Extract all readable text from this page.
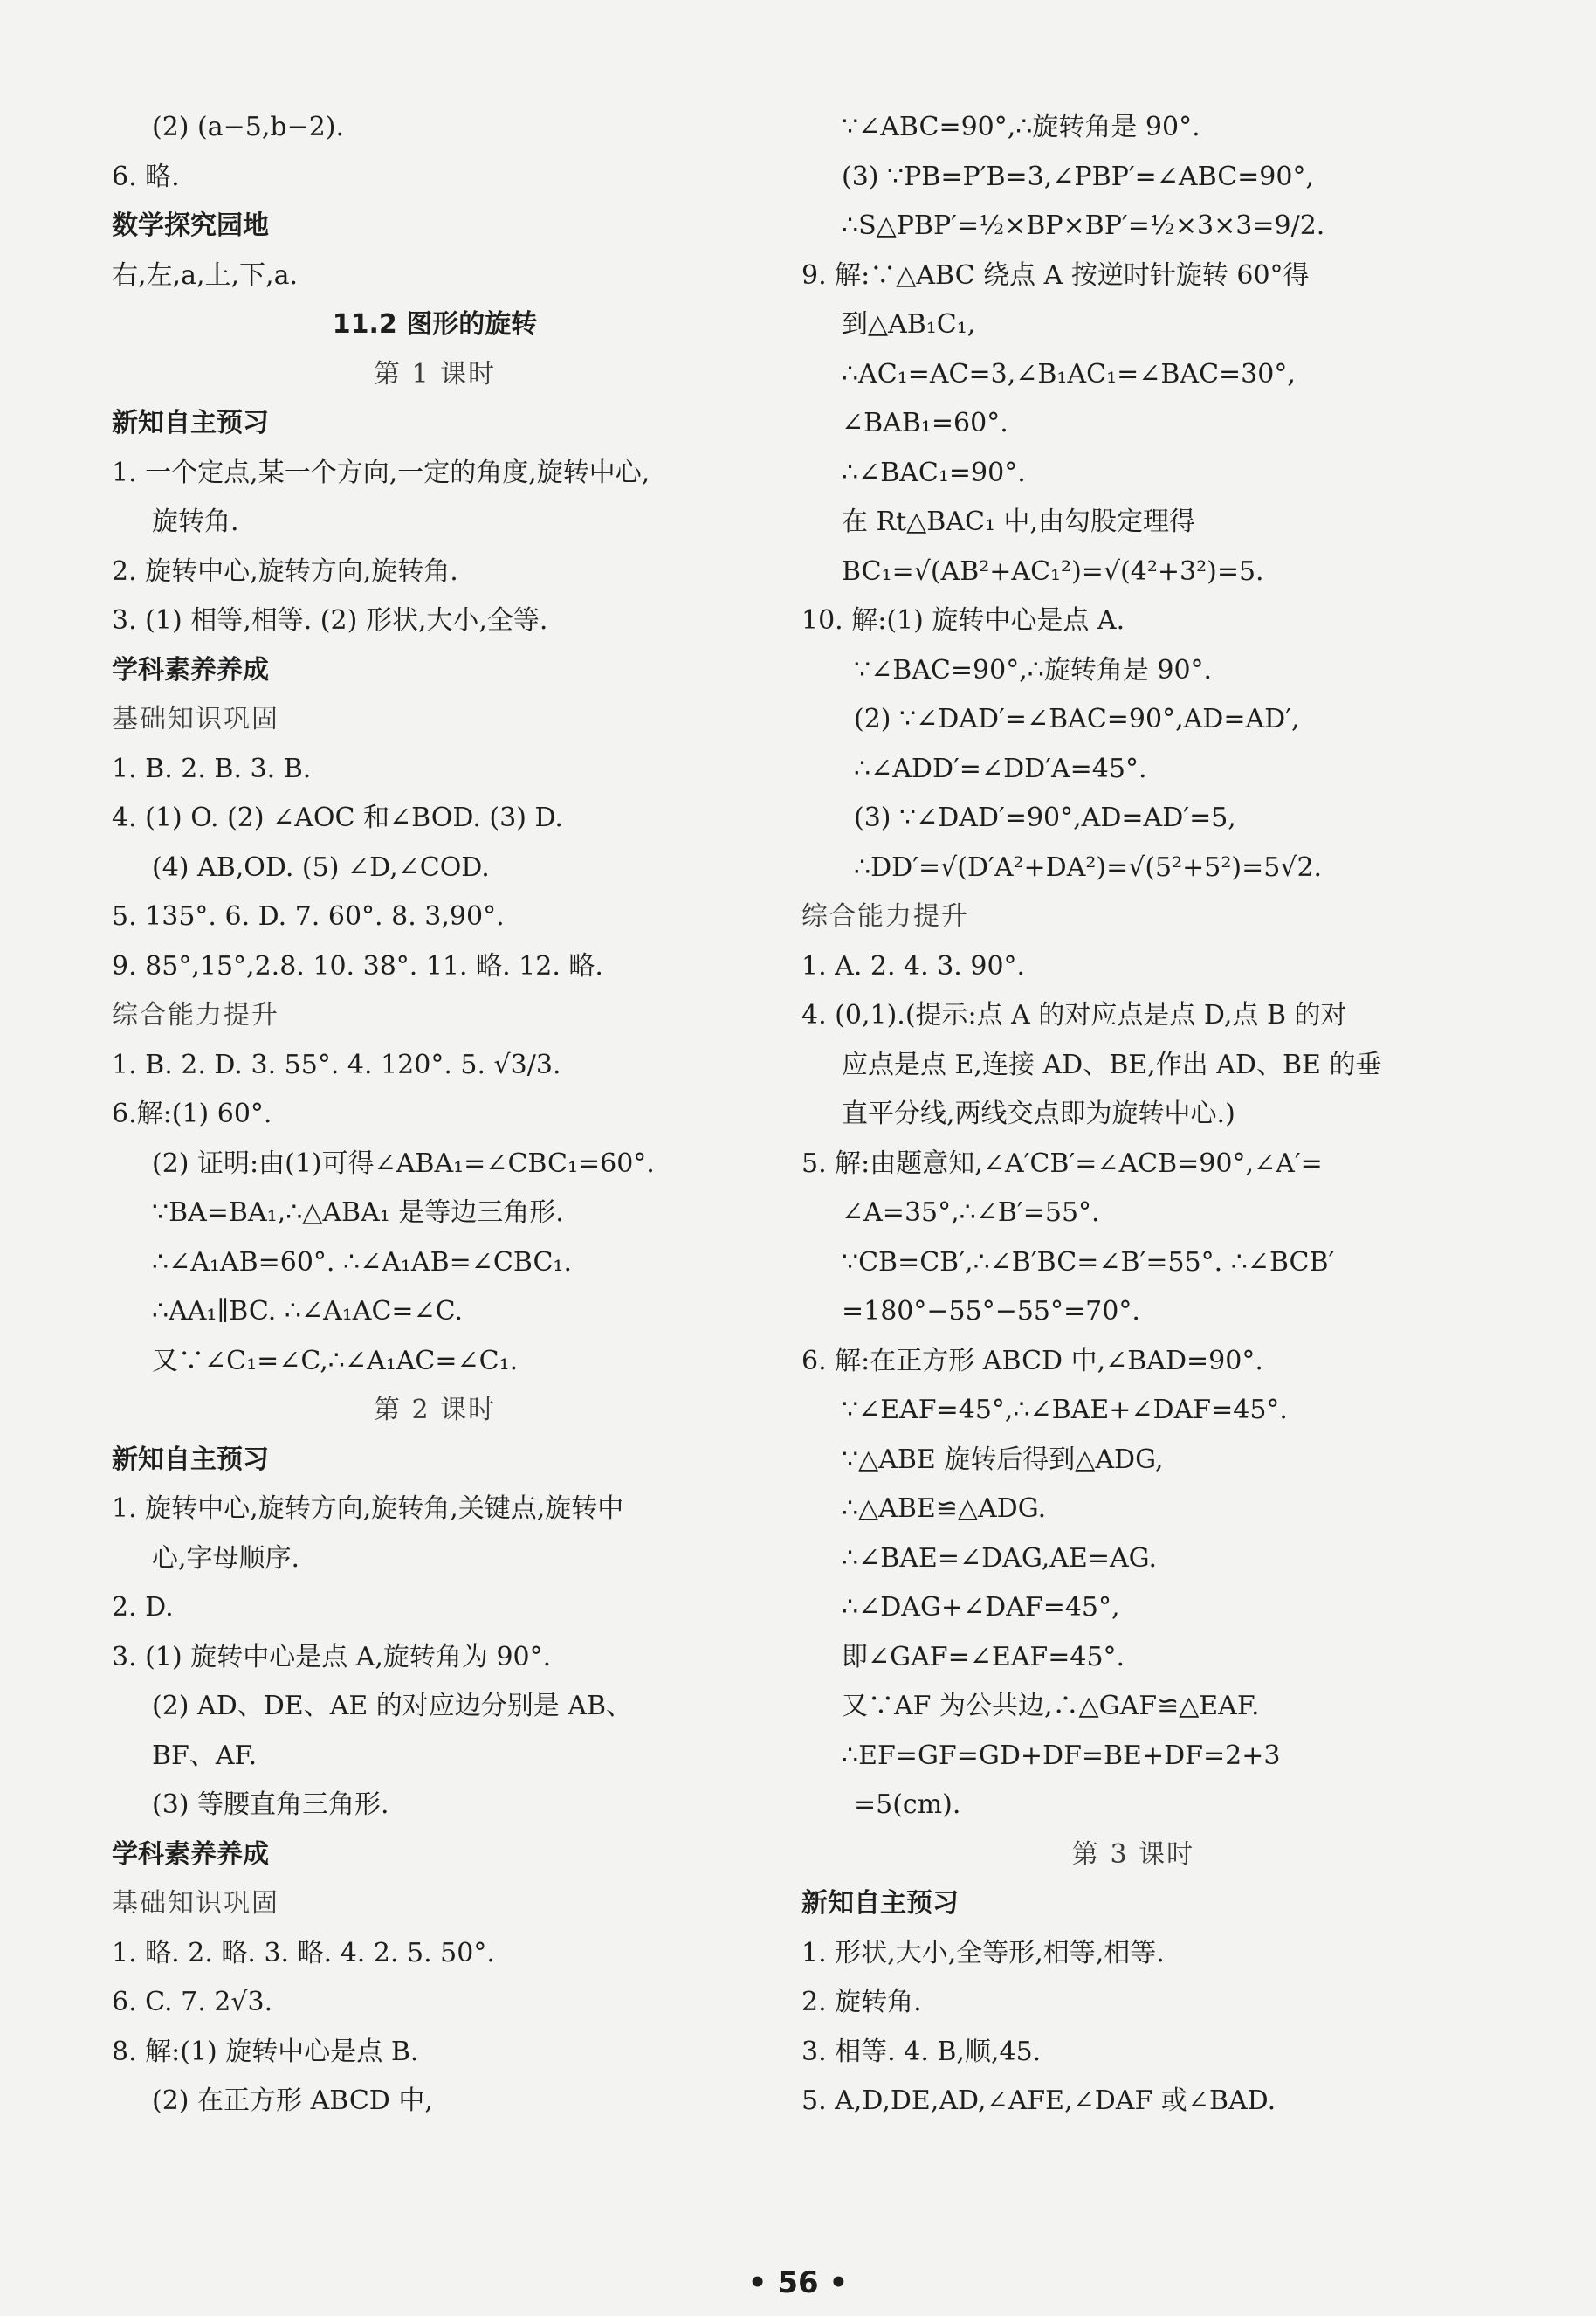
(2) (a−5,b−2).
6. 略.
数学探究园地
右,左,a,上,下,a.
11.2 图形的旋转
第 1 课时
新知自主预习
1. 一个定点,某一个方向,一定的角度,旋转中心,
旋转角.
2. 旋转中心,旋转方向,旋转角.
3. (1) 相等,相等. (2) 形状,大小,全等.
学科素养养成
基础知识巩固
1. B. 2. B. 3. B.
4. (1) O. (2) ∠AOC 和∠BOD. (3) D.
(4) AB,OD. (5) ∠D,∠COD.
5. 135°. 6. D. 7. 60°. 8. 3,90°.
9. 85°,15°,2.8. 10. 38°. 11. 略. 12. 略.
综合能力提升
1. B. 2. D. 3. 55°. 4. 120°. 5. √3/3.
6.解:(1) 60°.
(2) 证明:由(1)可得∠ABA₁=∠CBC₁=60°.
∵BA=BA₁,∴△ABA₁ 是等边三角形.
∴∠A₁AB=60°. ∴∠A₁AB=∠CBC₁.
∴AA₁∥BC. ∴∠A₁AC=∠C.
又∵∠C₁=∠C,∴∠A₁AC=∠C₁.
第 2 课时
新知自主预习
1. 旋转中心,旋转方向,旋转角,关键点,旋转中
心,字母顺序.
2. D.
3. (1) 旋转中心是点 A,旋转角为 90°.
(2) AD、DE、AE 的对应边分别是 AB、
BF、AF.
(3) 等腰直角三角形.
学科素养养成
基础知识巩固
1. 略. 2. 略. 3. 略. 4. 2. 5. 50°.
6. C. 7. 2√3.
8. 解:(1) 旋转中心是点 B.
(2) 在正方形 ABCD 中,
∵∠ABC=90°,∴旋转角是 90°.
(3) ∵PB=P′B=3,∠PBP′=∠ABC=90°,
∴S△PBP′=½×BP×BP′=½×3×3=9/2.
9. 解:∵△ABC 绕点 A 按逆时针旋转 60°得
到△AB₁C₁,
∴AC₁=AC=3,∠B₁AC₁=∠BAC=30°,
∠BAB₁=60°.
∴∠BAC₁=90°.
在 Rt△BAC₁ 中,由勾股定理得
BC₁=√(AB²+AC₁²)=√(4²+3²)=5.
10. 解:(1) 旋转中心是点 A.
∵∠BAC=90°,∴旋转角是 90°.
(2) ∵∠DAD′=∠BAC=90°,AD=AD′,
∴∠ADD′=∠DD′A=45°.
(3) ∵∠DAD′=90°,AD=AD′=5,
∴DD′=√(D′A²+DA²)=√(5²+5²)=5√2.
综合能力提升
1. A. 2. 4. 3. 90°.
4. (0,1).(提示:点 A 的对应点是点 D,点 B 的对
应点是点 E,连接 AD、BE,作出 AD、BE 的垂
直平分线,两线交点即为旋转中心.)
5. 解:由题意知,∠A′CB′=∠ACB=90°,∠A′=
∠A=35°,∴∠B′=55°.
∵CB=CB′,∴∠B′BC=∠B′=55°. ∴∠BCB′
=180°−55°−55°=70°.
6. 解:在正方形 ABCD 中,∠BAD=90°.
∵∠EAF=45°,∴∠BAE+∠DAF=45°.
∵△ABE 旋转后得到△ADG,
∴△ABE≌△ADG.
∴∠BAE=∠DAG,AE=AG.
∴∠DAG+∠DAF=45°,
即∠GAF=∠EAF=45°.
又∵AF 为公共边,∴△GAF≌△EAF.
∴EF=GF=GD+DF=BE+DF=2+3
=5(cm).
第 3 课时
新知自主预习
1. 形状,大小,全等形,相等,相等.
2. 旋转角.
3. 相等. 4. B,顺,45.
5. A,D,DE,AD,∠AFE,∠DAF 或∠BAD.
• 56 •
